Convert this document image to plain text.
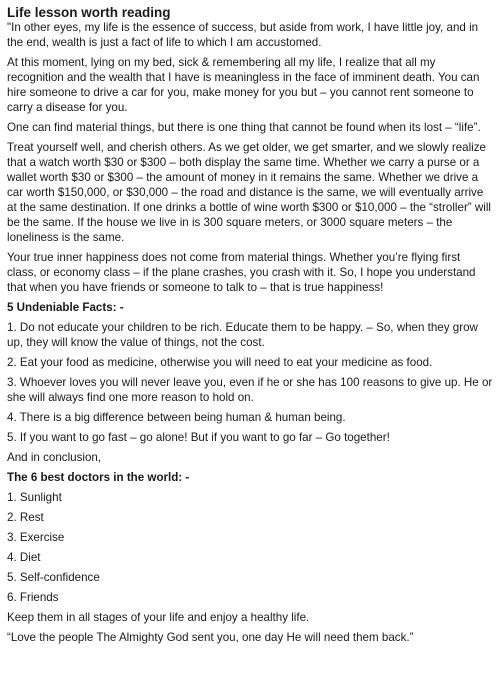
Life lesson worth reading

"In other eyes, my life is the essence of success, but aside from work, I have little joy, and in the end, wealth is just a fact of life to which I am accustomed.

At this moment, lying on my bed, sick & remembering all my life, I realize that all my recognition and the wealth that I have is meaningless in the face of imminent death. You can hire someone to drive a car for you, make money for you but – you cannot rent someone to carry a disease for you.

One can find material things, but there is one thing that cannot be found when its lost – “life”.

Treat yourself well, and cherish others. As we get older, we get smarter, and we slowly realize that a watch worth $30 or $300 – both display the same time. Whether we carry a purse or a wallet worth $30 or $300 – the amount of money in it remains the same. Whether we drive a car worth $150,000, or $30,000 – the road and distance is the same, we will eventually arrive at the same destination. If one drinks a bottle of wine worth $300 or $10,000 – the “stroller” will be the same. If the house we live in is 300 square meters, or 3000 square meters – the loneliness is the same.

Your true inner happiness does not come from material things. Whether you’re flying first class, or economy class – if the plane crashes, you crash with it. So, I hope you understand that when you have friends or someone to talk to – that is true happiness!

5 Undeniable Facts: -
1. Do not educate your children to be rich. Educate them to be happy. – So, when they grow up, they will know the value of things, not the cost.
2. Eat your food as medicine, otherwise you will need to eat your medicine as food.
3. Whoever loves you will never leave you, even if he or she has 100 reasons to give up. He or she will always find one more reason to hold on.
4. There is a big difference between being human & human being.
5. If you want to go fast – go alone! But if you want to go far – Go together!

And in conclusion,

The 6 best doctors in the world: -
1. Sunlight
2. Rest
3. Exercise
4. Diet
5. Self-confidence
6. Friends

Keep them in all stages of your life and enjoy a healthy life.

“Love the people The Almighty God sent you, one day He will need them back.”
